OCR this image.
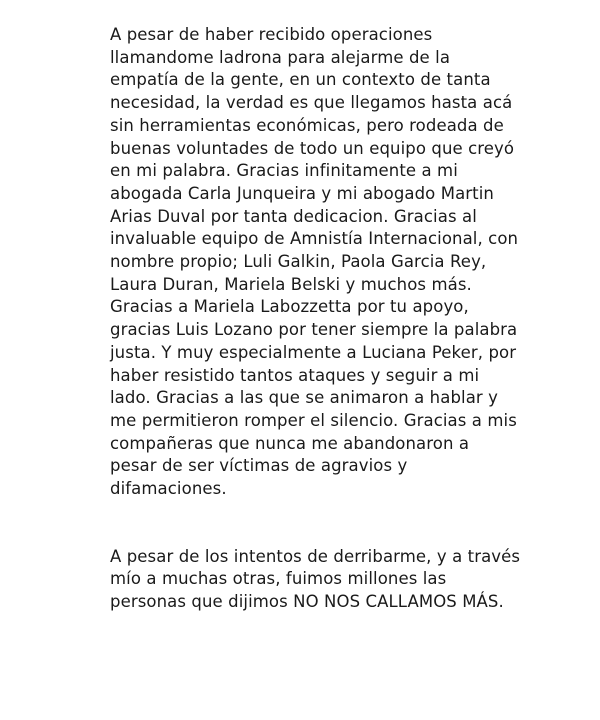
A pesar de haber recibido operaciones
llamandome ladrona para alejarme de la
empatía de la gente, en un contexto de tanta
necesidad, la verdad es que llegamos hasta acá
sin herramientas económicas, pero rodeada de
buenas voluntades de todo un equipo que creyó
en mi palabra. Gracias infinitamente a mi
abogada Carla Junqueira y mi abogado Martin
Arias Duval por tanta dedicacion. Gracias al
invaluable equipo de Amnistía Internacional, con
nombre propio; Luli Galkin, Paola Garcia Rey,
Laura Duran, Mariela Belski y muchos más.
Gracias a Mariela Labozzetta por tu apoyo,
gracias Luis Lozano por tener siempre la palabra
justa. Y muy especialmente a Luciana Peker, por
haber resistido tantos ataques y seguir a mi
lado. Gracias a las que se animaron a hablar y
me permitieron romper el silencio. Gracias a mis
compañeras que nunca me abandonaron a
pesar de ser víctimas de agravios y
difamaciones.
A pesar de los intentos de derribarme, y a través
mío a muchas otras, fuimos millones las
personas que dijimos NO NOS CALLAMOS MÁS.
